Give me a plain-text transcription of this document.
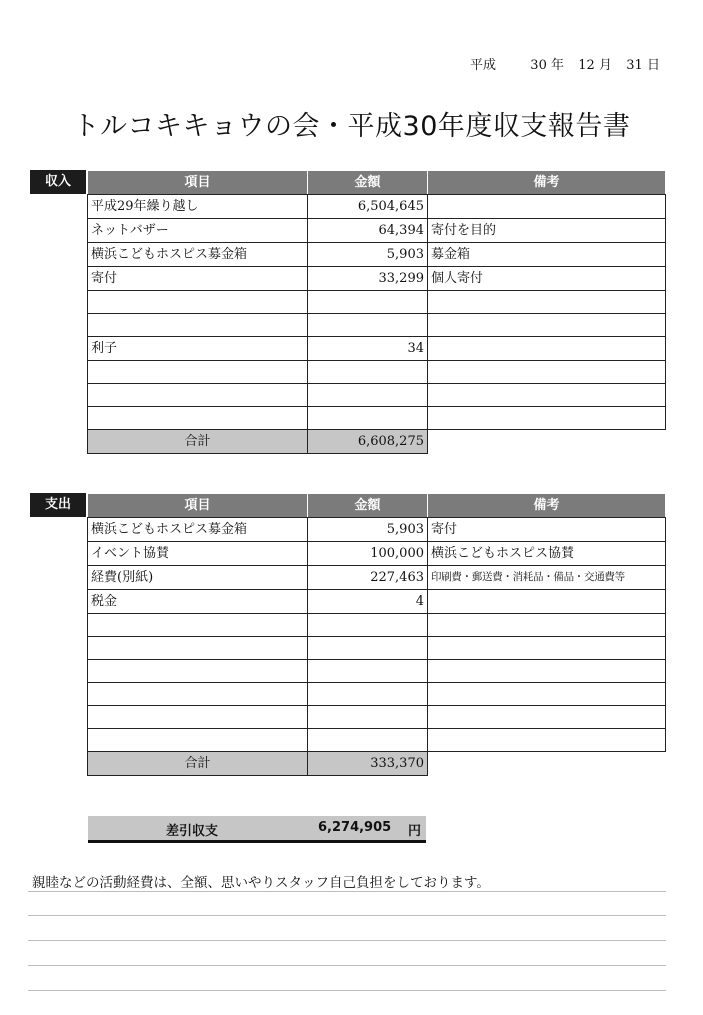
平成	30 年 12 月 31 日
トルコキキョウの会・平成30年度収支報告書
収入	項目	金額	備考
平成29年繰り越し	6,504,645	
ネットバザー	64,394	寄付を目的
横浜こどもホスピス募金箱	5,903	募金箱
寄付	33,299	個人寄付

利子	34	

合計	6,608,275	
支出	項目	金額	備考
横浜こどもホスピス募金箱	5,903	寄付
イベント協賛	100,000	横浜こどもホスピス協賛
経費(別紙)	227,463	印刷費・郵送費・消耗品・備品・交通費等
税金	4	

合計	333,370	
差引収支	6,274,905 円
親睦などの活動経費は、全額、思いやりスタッフ自己負担をしております。
